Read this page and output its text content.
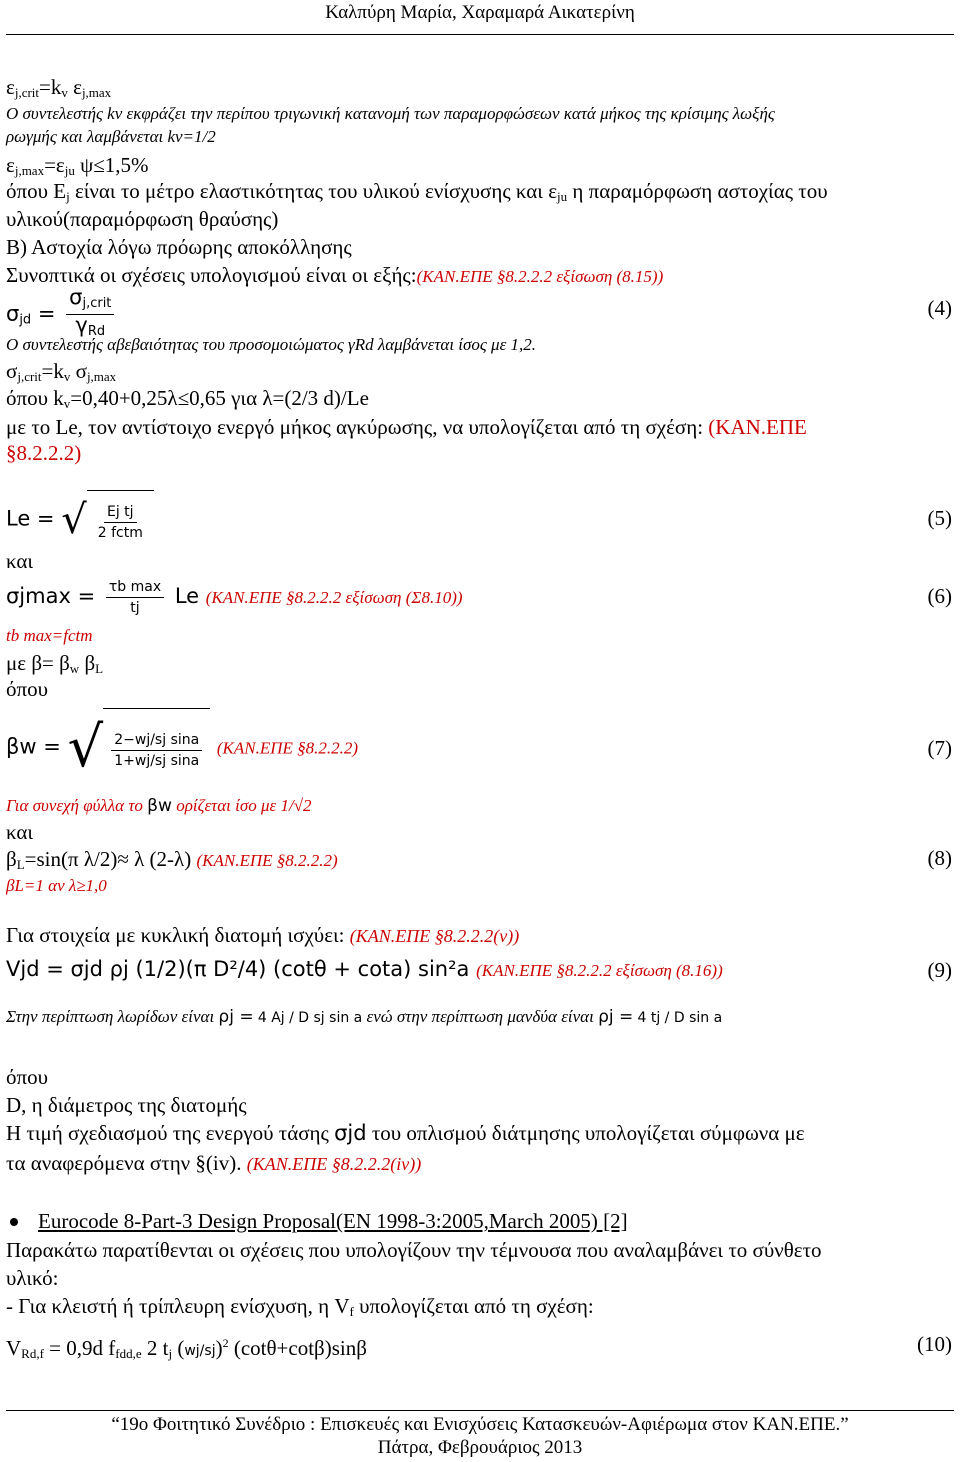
Καλπύρη Μαρία, Χαραμαρά Αικατερίνη
$\varepsilon_{j,crit}=k_v$ $\varepsilon_{j,max}$
Ο συντελεστής kv εκφράζει την περίπου τριγωνική κατανομή των παραμορφώσεων κατά μήκος της κρίσιμης λωξής
ρωγμής και λαμβάνεται kv=1/2
$\varepsilon_{j,max}=\varepsilon_{ju}$ ψ≤1,5%
όπου $E_j$ είναι το μέτρο ελαστικότητας του υλικού ενίσχυσης και $\varepsilon_{ju}$ η παραμόρφωση αστοχίας του
υλικού(παραμόρφωση θραύσης)
Β) Αστοχία λόγω πρόωρης αποκόλλησης
Συνοπτικά οι σχέσεις υπολογισμού είναι οι εξής:(ΚΑΝ.ΕΠΕ §8.2.2.2 εξίσωση (8.15))
$\sigma_{jd} = \frac{\sigma_{j,crit}}{\gamma_{Rd}}$	(4)
Ο συντελεστής αβεβαιότητας του προσομοιώματος γRd λαμβάνεται ίσος με 1,2.
$\sigma_{j,crit}=k_v$ $\sigma_{j,max}$
όπου $k_v=0,40+0,25\lambda\le 0,65$ για λ=(2/3 d)/Le
με το Le, τον αντίστοιχο ενεργό μήκος αγκύρωσης, να υπολογίζεται από τη σχέση: (ΚΑΝ.ΕΠΕ
§8.2.2.2)
Le = √ $\frac{\text{Ej tj}}{\text{2 fctm}}$	(5)
και
$\sigma jmax = \frac{\text{τb max}}{tj}$ Le (ΚΑΝ.ΕΠΕ §8.2.2.2 εξίσωση (Σ8.10))	(6)
tb max=fctm
με $\beta= \beta_w$ $\beta_L$
όπου
βw = √ $\frac{\text{2−wj/sj sina}}{\text{1+wj/sj sina}} (KAN.E\Pi E$ §8.2.2.2)	(7)
Για συνεχή φύλλα το βw ορίζεται ίσο με 1/√2
και
$\beta_L=\sin(\pi$ λ/2)≈ λ (2-λ) (ΚΑΝ.ΕΠΕ §8.2.2.2)	(8)
βL=1 αν λ≥1,0
Για στοιχεία με κυκλική διατομή ισχύει: (ΚΑΝ.ΕΠΕ §8.2.2.2(v))
Vjd = σjd ρj (1/2)(π D²/4) (cotθ + cota) sin²a (ΚΑΝ.ΕΠΕ §8.2.2.2 εξίσωση (8.16))	(9)
Στην περίπτωση λωρίδων είναι ρj = 4 Aj / D sj sin a ενώ στην περίπτωση μανδύα είναι ρj = 4 tj / D sin a
όπου
D, η διάμετρος της διατομής
Η τιμή σχεδιασμού της ενεργού τάσης σjd του οπλισμού διάτμησης υπολογίζεται σύμφωνα με
τα αναφερόμενα στην §(iv). (ΚΑΝ.ΕΠΕ §8.2.2.2(iv))
Eurocode 8-Part-3 Design Proposal(EN 1998-3:2005,March 2005) [2]
Παρακάτω παρατίθενται οι σχέσεις που υπολογίζουν την τέμνουσα που αναλαμβάνει το σύνθετο
υλικό:
- Για κλειστή ή τρίπλευρη ενίσχυση, η $V_f$ υπολογίζεται από τη σχέση:
$V_{Rd,f} = 0,9d$ $f_{fdd,e}$ 2 $t_j$ $(wj/sj)^2$ (cotθ+cotβ)sinβ	(10)
“19ο Φοιτητικό Συνέδριο : Επισκευές και Ενισχύσεις Κατασκευών-Αφιέρωμα στον ΚΑΝ.ΕΠΕ.”
Πάτρα, Φεβρουάριος 2013
